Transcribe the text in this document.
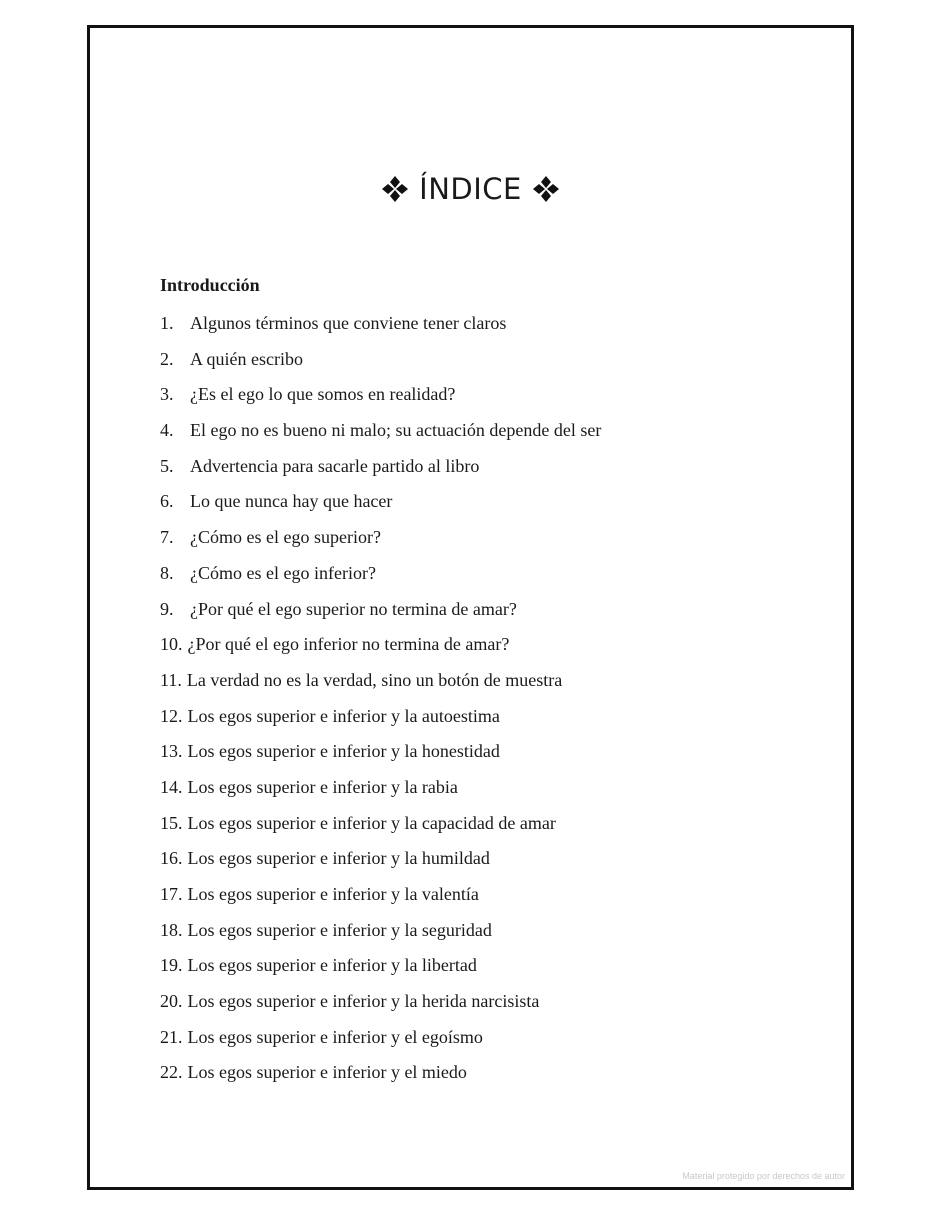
ÍNDICE
Introducción
1. Algunos términos que conviene tener claros
2. A quién escribo
3. ¿Es el ego lo que somos en realidad?
4. El ego no es bueno ni malo; su actuación depende del ser
5. Advertencia para sacarle partido al libro
6. Lo que nunca hay que hacer
7. ¿Cómo es el ego superior?
8. ¿Cómo es el ego inferior?
9. ¿Por qué el ego superior no termina de amar?
10. ¿Por qué el ego inferior no termina de amar?
11. La verdad no es la verdad, sino un botón de muestra
12. Los egos superior e inferior y la autoestima
13. Los egos superior e inferior y la honestidad
14. Los egos superior e inferior y la rabia
15. Los egos superior e inferior y la capacidad de amar
16. Los egos superior e inferior y la humildad
17. Los egos superior e inferior y la valentía
18. Los egos superior e inferior y la seguridad
19. Los egos superior e inferior y la libertad
20. Los egos superior e inferior y la herida narcisista
21. Los egos superior e inferior y el egoísmo
22. Los egos superior e inferior y el miedo
Material protegido por derechos de autor
